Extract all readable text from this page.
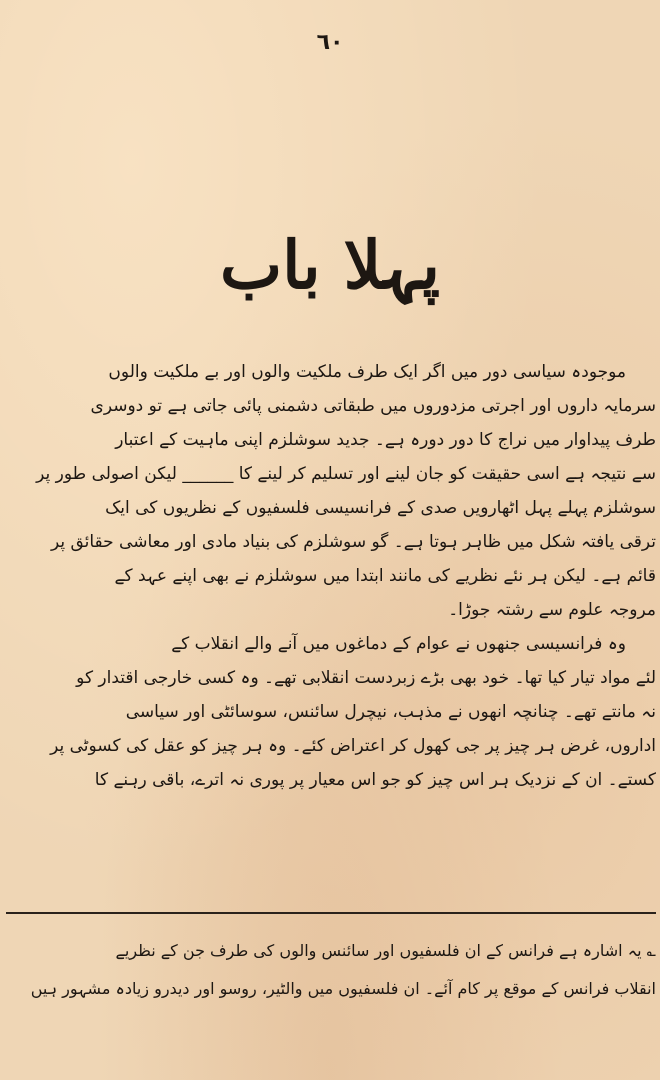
٦٠
پہلا باب
موجودہ سیاسی دور میں اگر ایک طرف ملکیت والوں اور بے ملکیت والوں
سرمایہ داروں اور اجرتی مزدوروں میں طبقاتی دشمنی پائی جاتی ہے تو دوسری
طرف پیداوار میں نراج کا دور دورہ ہے۔ جدید سوشلزم اپنی ماہیت کے اعتبار
سے نتیجہ ہے اسی حقیقت کو جان لینے اور تسلیم کر لینے کا ______ لیکن اصولی طور پر
سوشلزم پہلے پہل اٹھارویں صدی کے فرانسیسی فلسفیوں کے نظریوں کی ایک
ترقی یافتہ شکل میں ظاہر ہوتا ہے۔ گو سوشلزم کی بنیاد مادی اور معاشی حقائق پر
قائم ہے۔ لیکن ہر نئے نظریے کی مانند ابتدا میں سوشلزم نے بھی اپنے عہد کے
مروجہ علوم سے رشتہ جوڑا۔
وہ فرانسیسی جنھوں نے عوام کے دماغوں میں آنے والے انقلاب کے
لئے مواد تیار کیا تھا۔ خود بھی بڑے زبردست انقلابی تھے۔ وہ کسی خارجی اقتدار کو
نہ مانتے تھے۔ چنانچہ انھوں نے مذہب، نیچرل سائنس، سوسائٹی اور سیاسی
اداروں، غرض ہر چیز پر جی کھول کر اعتراض کئے۔ وہ ہر چیز کو عقل کی کسوٹی پر
کستے۔ ان کے نزدیک ہر اس چیز کو جو اس معیار پر پوری نہ اترے، باقی رہنے کا
؎ یہ اشارہ ہے فرانس کے ان فلسفیوں اور سائنس والوں کی طرف جن کے نظریے
انقلاب فرانس کے موقع پر کام آئے۔ ان فلسفیوں میں والٹیر، روسو اور دیدرو زیادہ مشہور ہیں
